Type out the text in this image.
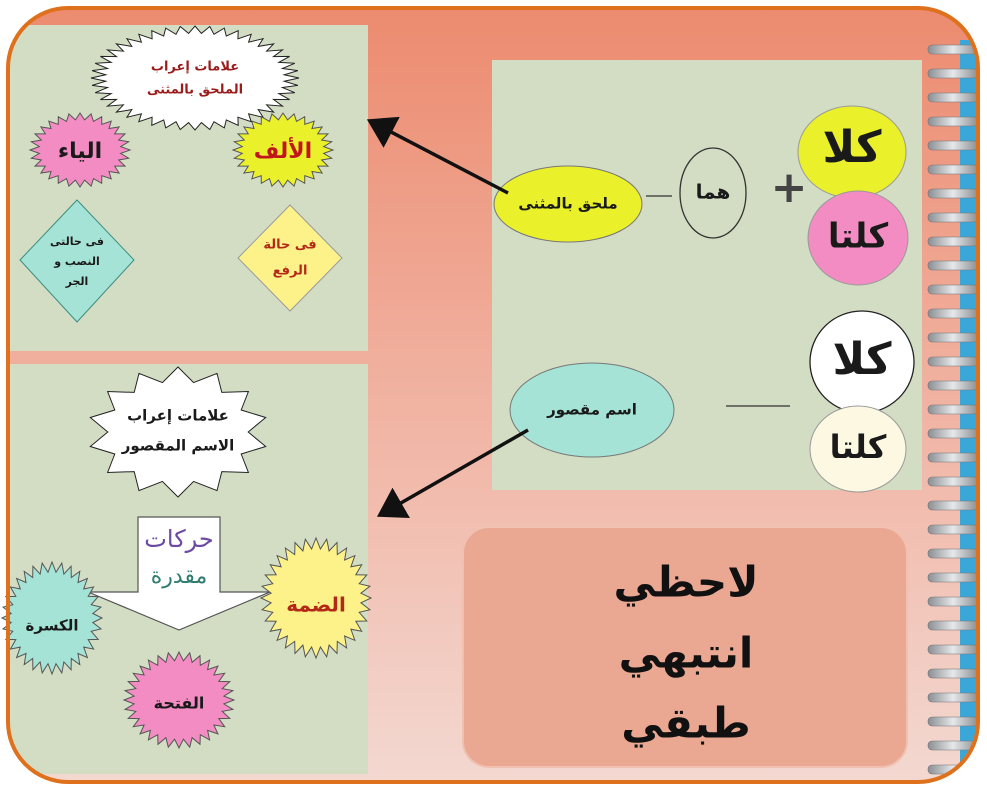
علامات إعراب
الملحق بالمثنى
الألف
الياء
فى حالة
الرفع
فى حالتى
النصب و
الجر
علامات إعراب
الاسم المقصور
حركات
مقدرة
الضمة
الكسرة
الفتحة
كلا
كلتا
+
هما
ملحق بالمثنى
كلا
كلتا
اسم مقصور
لاحظي
انتبهي
طبقي
